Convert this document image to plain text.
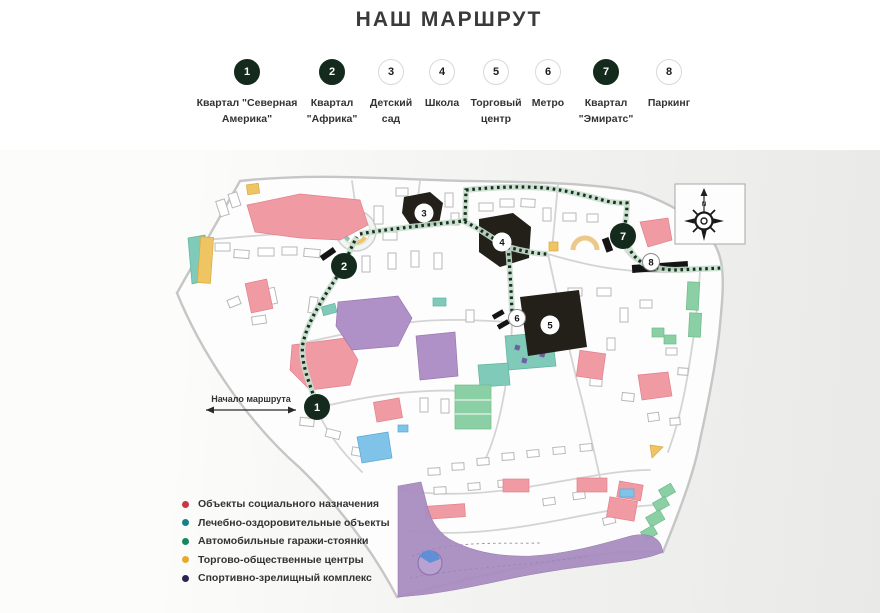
НАШ МАРШРУТ
1
Квартал "Северная Америка"
2
Квартал "Африка"
3
Детский сад
4
Школа
5
Торговый центр
6
Метро
7
Квартал "Эмиратс"
8
Паркинг
Начало маршрута
N
1
2
3
4
5
6
7
8
Объекты социального назначения
Лечебно-оздоровительные объекты
Автомобильные гаражи-стоянки
Торгово-общественные центры
Спортивно-зрелищный комплекс
